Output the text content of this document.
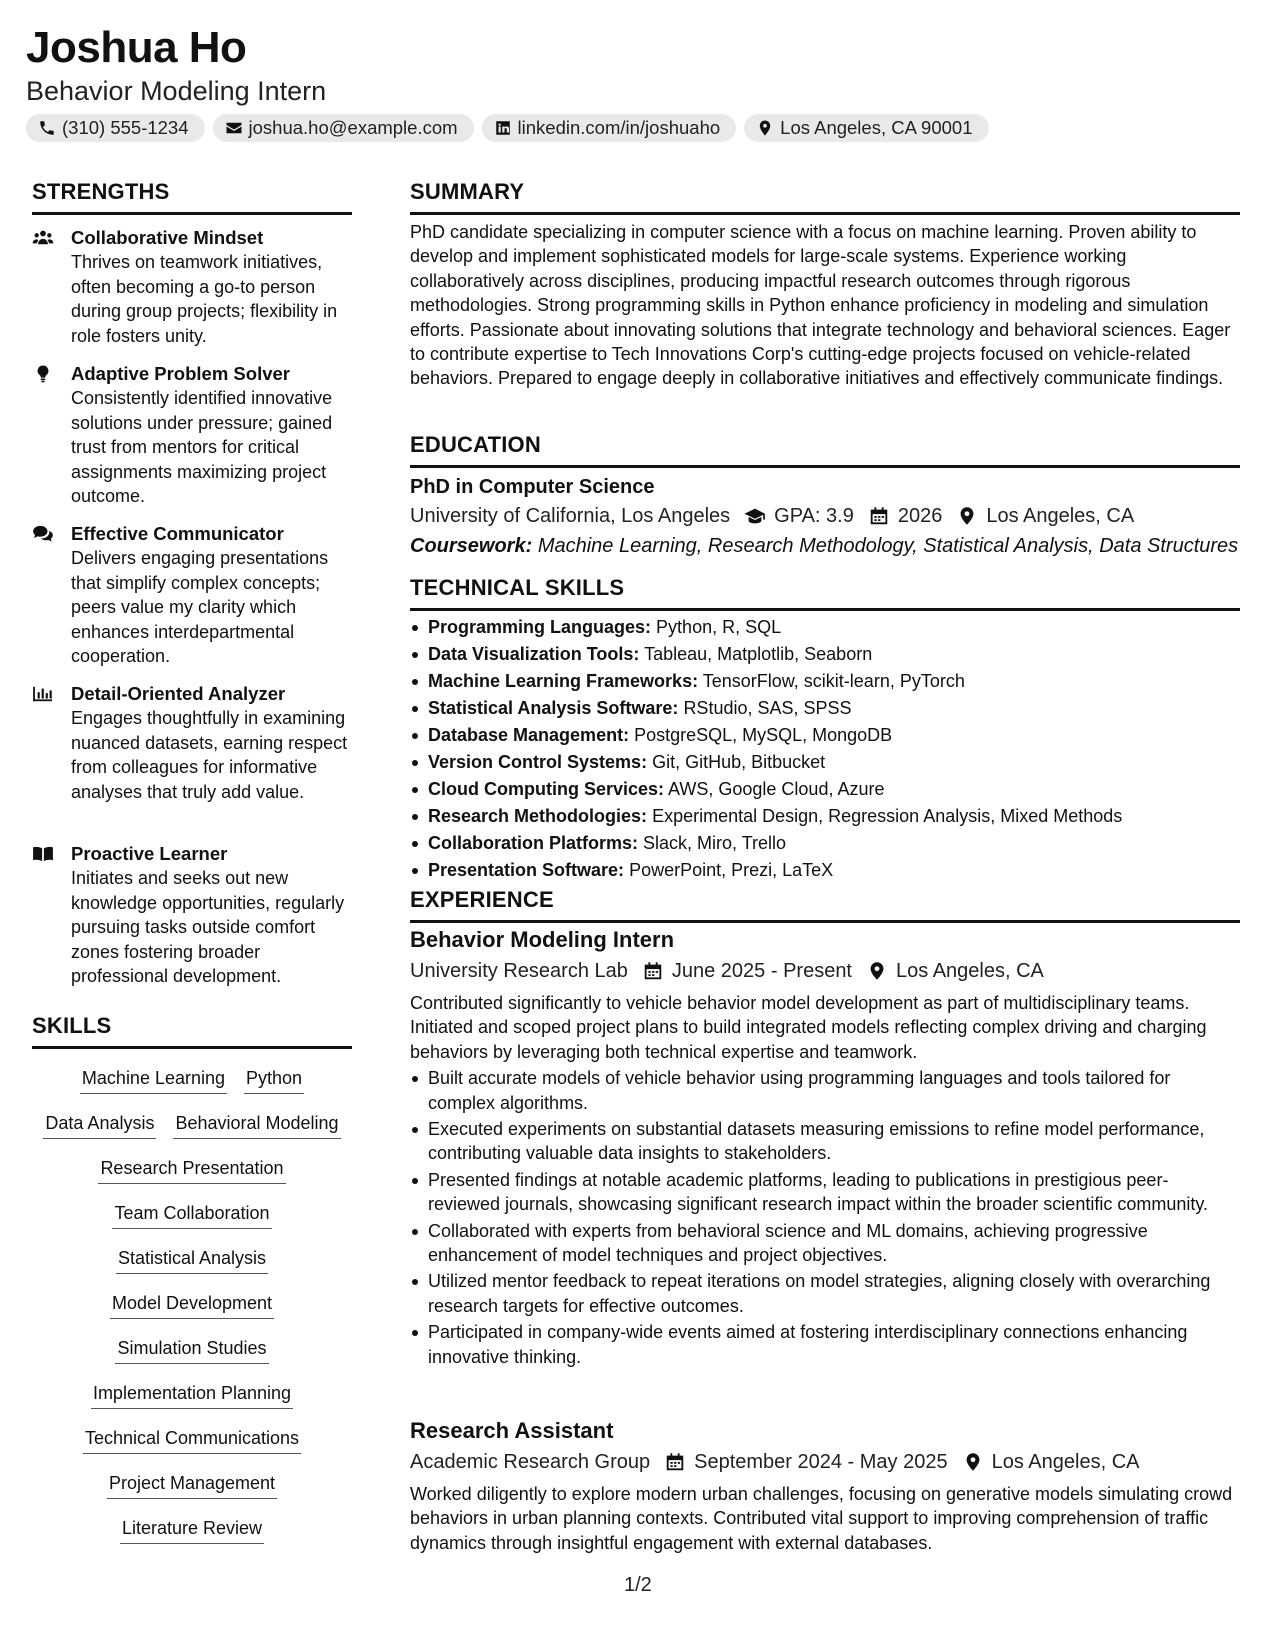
Joshua Ho
Behavior Modeling Intern
(310) 555-1234	joshua.ho@example.com	linkedin.com/in/joshuaho	Los Angeles, CA 90001
STRENGTHS
Collaborative Mindset
Thrives on teamwork initiatives, often becoming a go-to person during group projects; flexibility in role fosters unity.
Adaptive Problem Solver
Consistently identified innovative solutions under pressure; gained trust from mentors for critical assignments maximizing project outcome.
Effective Communicator
Delivers engaging presentations that simplify complex concepts; peers value my clarity which enhances interdepartmental cooperation.
Detail-Oriented Analyzer
Engages thoughtfully in examining nuanced datasets, earning respect from colleagues for informative analyses that truly add value.
Proactive Learner
Initiates and seeks out new knowledge opportunities, regularly pursuing tasks outside comfort zones fostering broader professional development.
SKILLS
Machine Learning Python
Data Analysis Behavioral Modeling
Research Presentation
Team Collaboration
Statistical Analysis
Model Development
Simulation Studies
Implementation Planning
Technical Communications
Project Management
Literature Review
SUMMARY
PhD candidate specializing in computer science with a focus on machine learning. Proven ability to develop and implement sophisticated models for large-scale systems. Experience working collaboratively across disciplines, producing impactful research outcomes through rigorous methodologies. Strong programming skills in Python enhance proficiency in modeling and simulation efforts. Passionate about innovating solutions that integrate technology and behavioral sciences. Eager to contribute expertise to Tech Innovations Corp's cutting-edge projects focused on vehicle-related behaviors. Prepared to engage deeply in collaborative initiatives and effectively communicate findings.
EDUCATION
PhD in Computer Science
University of California, Los Angeles GPA: 3.9 2026 Los Angeles, CA
Coursework: Machine Learning, Research Methodology, Statistical Analysis, Data Structures
TECHNICAL SKILLS
Programming Languages: Python, R, SQL
Data Visualization Tools: Tableau, Matplotlib, Seaborn
Machine Learning Frameworks: TensorFlow, scikit-learn, PyTorch
Statistical Analysis Software: RStudio, SAS, SPSS
Database Management: PostgreSQL, MySQL, MongoDB
Version Control Systems: Git, GitHub, Bitbucket
Cloud Computing Services: AWS, Google Cloud, Azure
Research Methodologies: Experimental Design, Regression Analysis, Mixed Methods
Collaboration Platforms: Slack, Miro, Trello
Presentation Software: PowerPoint, Prezi, LaTeX
EXPERIENCE
Behavior Modeling Intern
University Research Lab June 2025 - Present Los Angeles, CA
Contributed significantly to vehicle behavior model development as part of multidisciplinary teams. Initiated and scoped project plans to build integrated models reflecting complex driving and charging behaviors by leveraging both technical expertise and teamwork.
Built accurate models of vehicle behavior using programming languages and tools tailored for complex algorithms.
Executed experiments on substantial datasets measuring emissions to refine model performance, contributing valuable data insights to stakeholders.
Presented findings at notable academic platforms, leading to publications in prestigious peer-reviewed journals, showcasing significant research impact within the broader scientific community.
Collaborated with experts from behavioral science and ML domains, achieving progressive enhancement of model techniques and project objectives.
Utilized mentor feedback to repeat iterations on model strategies, aligning closely with overarching research targets for effective outcomes.
Participated in company-wide events aimed at fostering interdisciplinary connections enhancing innovative thinking.
Research Assistant
Academic Research Group September 2024 - May 2025 Los Angeles, CA
Worked diligently to explore modern urban challenges, focusing on generative models simulating crowd behaviors in urban planning contexts. Contributed vital support to improving comprehension of traffic dynamics through insightful engagement with external databases.
1/2
